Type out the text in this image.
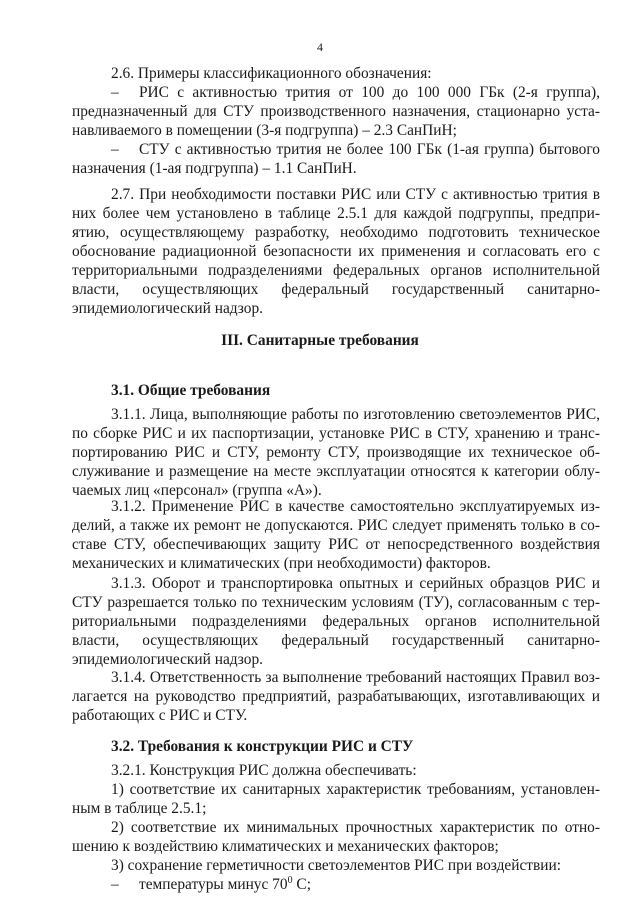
4
2.6. Примеры классификационного обозначения:
– РИС с активностью трития от 100 до 100 000 ГБк (2-я группа),
предназначенный для СТУ производственного назначения, стационарно уста-
навливаемого в помещении (3-я подгруппа) – 2.3 СанПиН;
– СТУ с активностью трития не более 100 ГБк (1-ая группа) бытового
назначения (1-ая подгруппа) – 1.1 СанПиН.
2.7. При необходимости поставки РИС или СТУ с активностью трития в
них более чем установлено в таблице 2.5.1 для каждой подгруппы, предпри-
ятию, осуществляющему разработку, необходимо подготовить техническое
обоснование радиационной безопасности их применения и согласовать его с
территориальными подразделениями федеральных органов исполнительной
власти, осуществляющих федеральный государственный санитарно-
эпидемиологический надзор.
III. Санитарные требования
3.1. Общие требования
3.1.1. Лица, выполняющие работы по изготовлению светоэлементов РИС,
по сборке РИС и их паспортизации, установке РИС в СТУ, хранению и транс-
портированию РИС и СТУ, ремонту СТУ, производящие их техническое об-
служивание и размещение на месте эксплуатации относятся к категории облу-
чаемых лиц «персонал» (группа «А»).
3.1.2. Применение РИС в качестве самостоятельно эксплуатируемых из-
делий, а также их ремонт не допускаются. РИС следует применять только в со-
ставе СТУ, обеспечивающих защиту РИС от непосредственного воздействия
механических и климатических (при необходимости) факторов.
3.1.3. Оборот и транспортировка опытных и серийных образцов РИС и
СТУ разрешается только по техническим условиям (ТУ), согласованным с тер-
риториальными подразделениями федеральных органов исполнительной
власти, осуществляющих федеральный государственный санитарно-
эпидемиологический надзор.
3.1.4. Ответственность за выполнение требований настоящих Правил воз-
лагается на руководство предприятий, разрабатывающих, изготавливающих и
работающих с РИС и СТУ.
3.2. Требования к конструкции РИС и СТУ
3.2.1. Конструкция РИС должна обеспечивать:
1) соответствие их санитарных характеристик требованиям, установлен-
ным в таблице 2.5.1;
2) соответствие их минимальных прочностных характеристик по отно-
шению к воздействию климатических и механических факторов;
3) сохранение герметичности светоэлементов РИС при воздействии:
– температуры минус $70^0$ С;
